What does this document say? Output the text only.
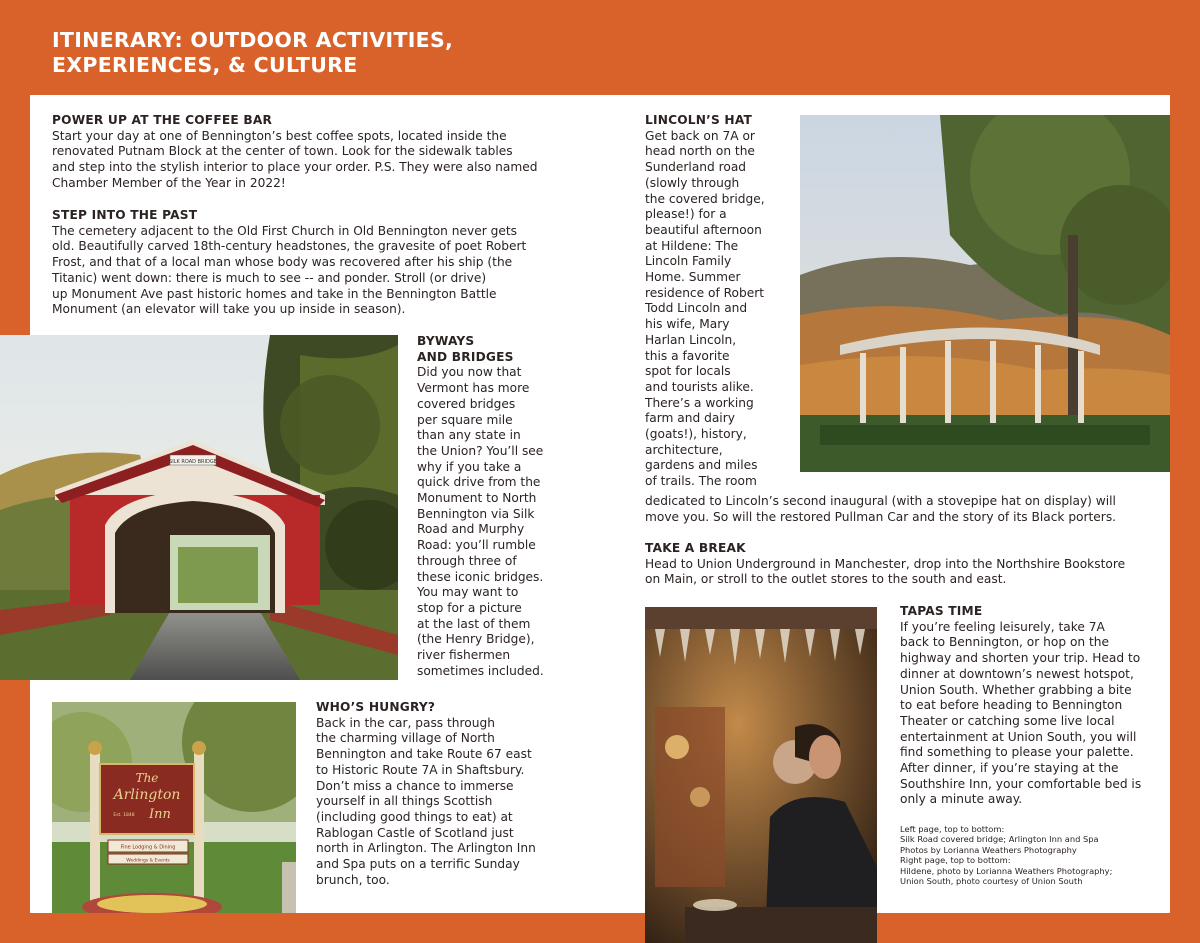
ITINERARY: OUTDOOR ACTIVITIES,
EXPERIENCES, & CULTURE
POWER UP AT THE COFFEE BAR

Start your day at one of Bennington’s best coffee spots, located inside the
renovated Putnam Block at the center of town. Look for the sidewalk tables
and step into the stylish interior to place your order. P.S. They were also named
Chamber Member of the Year in 2022!

STEP INTO THE PAST

The cemetery adjacent to the Old First Church in Old Bennington never gets
old. Beautifully carved 18th-century headstones, the gravesite of poet Robert
Frost, and that of a local man whose body was recovered after his ship (the
Titanic) went down: there is much to see -- and ponder. Stroll (or drive)
up Monument Ave past historic homes and take in the Bennington Battle
Monument (an elevator will take you up inside in season).

BYWAYS
AND BRIDGES

Did you now that
Vermont has more
covered bridges
per square mile
than any state in
the Union? You’ll see
why if you take a
quick drive from the
Monument to North
Bennington via Silk
Road and Murphy
Road: you’ll rumble
through three of
these iconic bridges.
You may want to
stop for a picture
at the last of them
(the Henry Bridge),
river fishermen
sometimes included.

WHO’S HUNGRY?

Back in the car, pass through
the charming village of North
Bennington and take Route 67 east
to Historic Route 7A in Shaftsbury.
Don’t miss a chance to immerse
yourself in all things Scottish
(including good things to eat) at
Rablogan Castle of Scotland just
north in Arlington. The Arlington Inn
and Spa puts on a terrific Sunday
brunch, too.

LINCOLN’S HAT

Get back on 7A or
head north on the
Sunderland road
(slowly through
the covered bridge,
please!) for a
beautiful afternoon
at Hildene: The
Lincoln Family
Home. Summer
residence of Robert
Todd Lincoln and
his wife, Mary
Harlan Lincoln,
this a favorite
spot for locals
and tourists alike.
There’s a working
farm and dairy
(goats!), history,
architecture,
gardens and miles
of trails. The room

dedicated to Lincoln’s second inaugural (with a stovepipe hat on display) will
move you. So will the restored Pullman Car and the story of its Black porters.

TAKE A BREAK

Head to Union Underground in Manchester, drop into the Northshire Bookstore
on Main, or stroll to the outlet stores to the south and east.

TAPAS TIME

If you’re feeling leisurely, take 7A
back to Bennington, or hop on the
highway and shorten your trip. Head to
dinner at downtown’s newest hotspot,
Union South. Whether grabbing a bite
to eat before heading to Bennington
Theater or catching some live local
entertainment at Union South, you will
find something to please your palette.
After dinner, if you’re staying at the
Southshire Inn, your comfortable bed is
only a minute away.

Left page, top to bottom:
Silk Road covered bridge; Arlington Inn and Spa
Photos by Lorianna Weathers Photography
Right page, top to bottom:
Hildene, photo by Lorianna Weathers Photography;
Union South, photo courtesy of Union South
SILK ROAD BRIDGE
The
Arlington
Inn
Est. 1848
Fine Lodging & Dining
Weddings & Events
